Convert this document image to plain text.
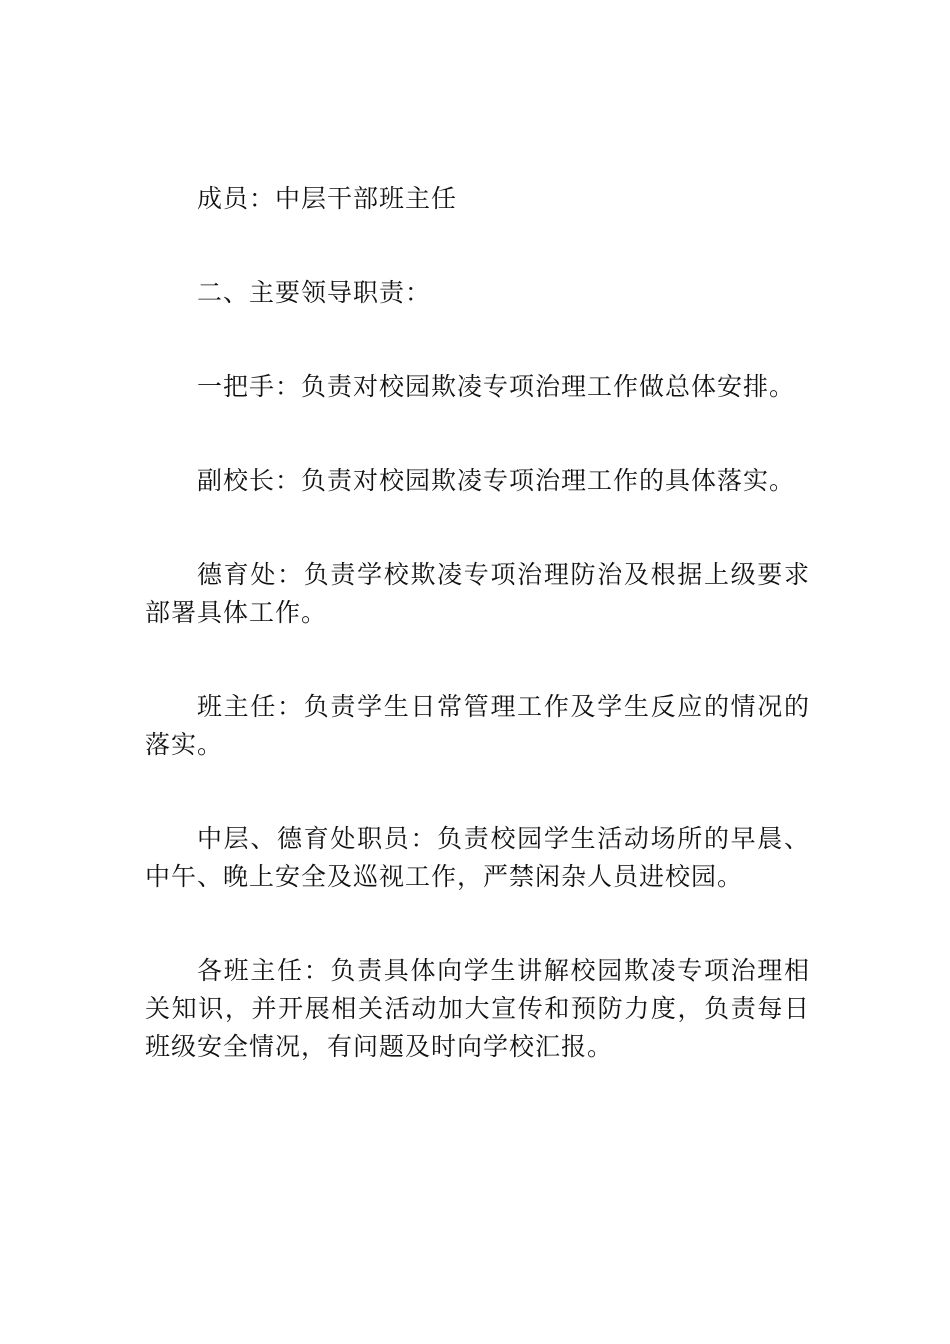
成员：中层干部班主任

二、主要领导职责：

一把手：负责对校园欺凌专项治理工作做总体安排。

副校长：负责对校园欺凌专项治理工作的具体落实。

德育处：负责学校欺凌专项治理防治及根据上级要求部署具体工作。

班主任：负责学生日常管理工作及学生反应的情况的落实。

中层、德育处职员：负责校园学生活动场所的早晨、中午、晚上安全及巡视工作，严禁闲杂人员进校园。

各班主任：负责具体向学生讲解校园欺凌专项治理相关知识，并开展相关活动加大宣传和预防力度，负责每日班级安全情况，有问题及时向学校汇报。
